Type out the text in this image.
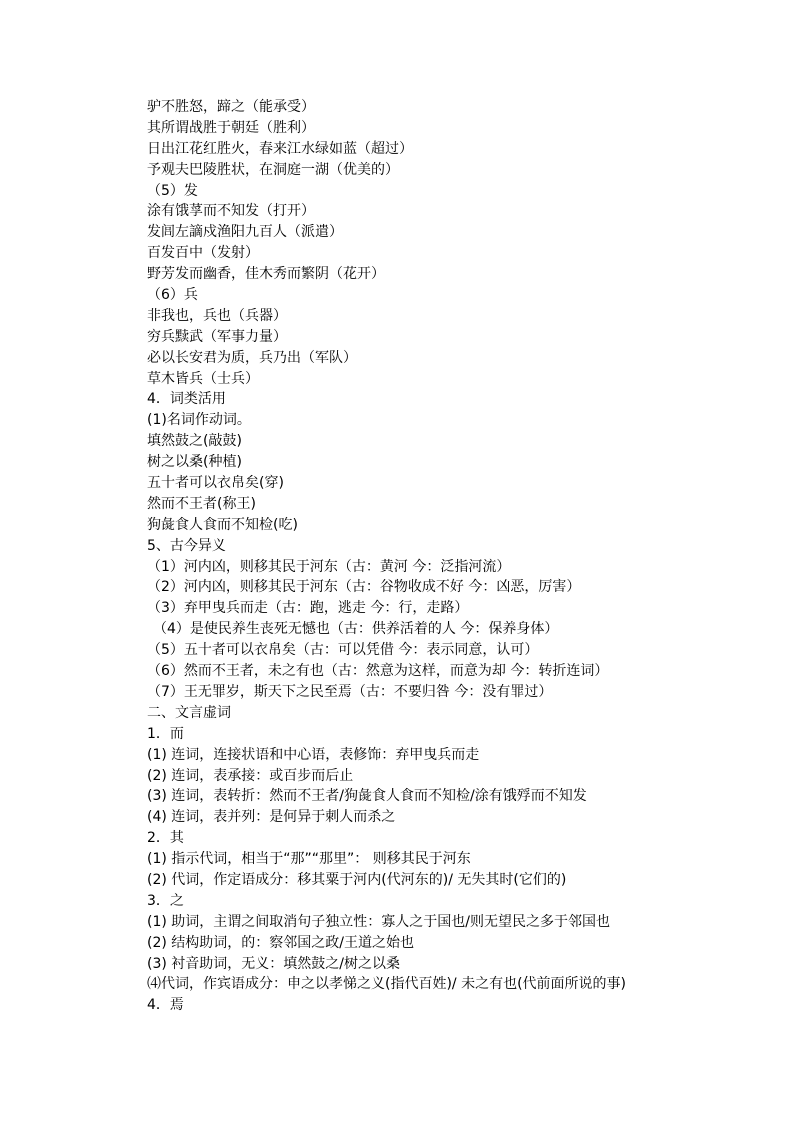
驴不胜怒，蹄之（能承受）
其所谓战胜于朝廷（胜利）
日出江花红胜火，春来江水绿如蓝（超过）
予观夫巴陵胜状，在洞庭一湖（优美的）
（5）发
涂有饿莩而不知发（打开）
发闾左謫戍渔阳九百人（派遣）
百发百中（发射）
野芳发而幽香，佳木秀而繁阴（花开）
（6）兵
非我也，兵也（兵器）
穷兵黩武（军事力量）
必以长安君为质，兵乃出（军队）
草木皆兵（士兵）
4．词类活用
(1)名词作动词。
填然鼓之(敲鼓)
树之以桑(种植)
五十者可以衣帛矣(穿)
然而不王者(称王)
狗彘食人食而不知检(吃)
5、古今异义
（1）河内凶，则移其民于河东（古：黄河 今：泛指河流）
（2）河内凶，则移其民于河东（古：谷物收成不好 今：凶恶，厉害）
（3）弃甲曳兵而走（古：跑，逃走 今：行，走路）
（4）是使民养生丧死无憾也（古：供养活着的人 今：保养身体）
（5）五十者可以衣帛矣（古：可以凭借 今：表示同意，认可）
（6）然而不王者，未之有也（古：然意为这样，而意为却 今：转折连词）
（7）王无罪岁，斯天下之民至焉（古：不要归咎 今：没有罪过）
二、文言虚词
1．而
(1) 连词，连接状语和中心语，表修饰：弃甲曳兵而走
(2) 连词，表承接：或百步而后止
(3) 连词，表转折：然而不王者/狗彘食人食而不知检/涂有饿殍而不知发
(4) 连词，表并列：是何异于刺人而杀之
2．其
(1) 指示代词，相当于“那”“那里”： 则移其民于河东
(2) 代词，作定语成分：移其粟于河内(代河东的)/ 无失其时(它们的)
3．之
(1) 助词，主谓之间取消句子独立性：寡人之于国也/则无望民之多于邻国也
(2) 结构助词，的：察邻国之政/王道之始也
(3) 衬音助词，无义：填然鼓之/树之以桑
⑷代词，作宾语成分：申之以孝悌之义(指代百姓)/ 未之有也(代前面所说的事)
4．焉
